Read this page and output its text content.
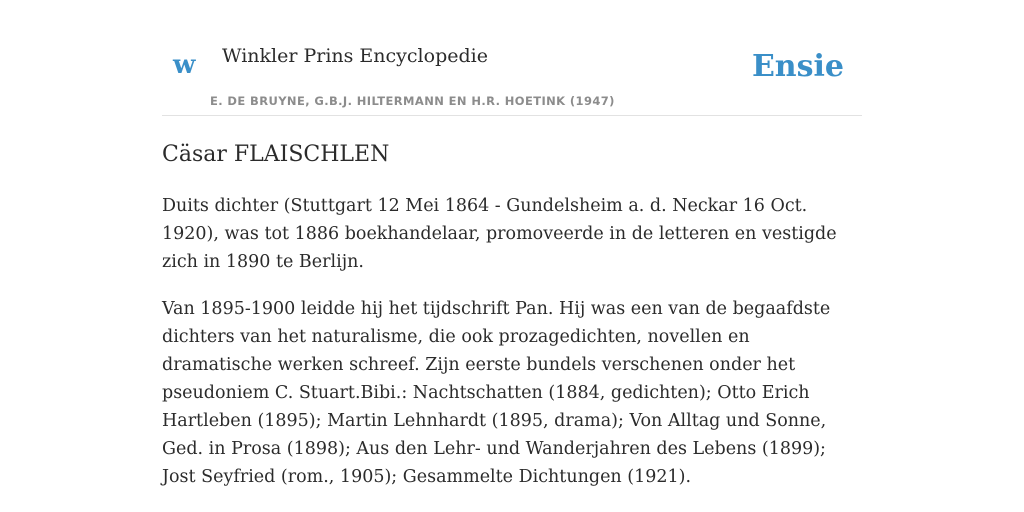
w Winkler Prins Encyclopedie
E. DE BRUYNE, G.B.J. HILTERMANN EN H.R. HOETINK (1947)
Ensie
Cäsar FLAISCHLEN

Duits dichter (Stuttgart 12 Mei 1864 - Gundelsheim a. d. Neckar 16 Oct. 1920), was tot 1886 boekhandelaar, promoveerde in de letteren en vestigde zich in 1890 te Berlijn.

Van 1895-1900 leidde hij het tijdschrift Pan. Hij was een van de begaafdste dichters van het naturalisme, die ook prozagedichten, novellen en dramatische werken schreef. Zijn eerste bundels verschenen onder het pseudoniem C. Stuart.Bibi.: Nachtschatten (1884, gedichten); Otto Erich Hartleben (1895); Martin Lehnhardt (1895, drama); Von Alltag und Sonne, Ged. in Prosa (1898); Aus den Lehr- und Wanderjahren des Lebens (1899); Jost Seyfried (rom., 1905); Gesammelte Dichtungen (1921).
